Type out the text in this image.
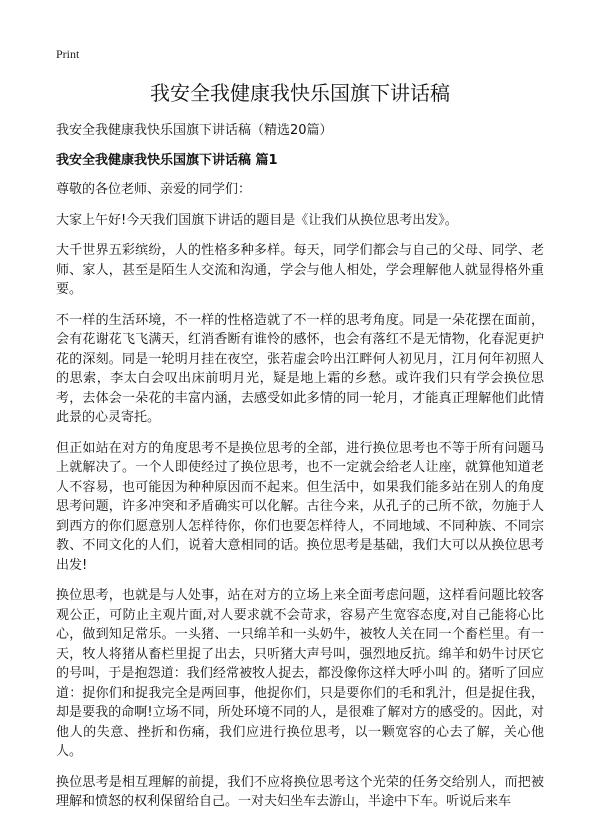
Print
我安全我健康我快乐国旗下讲话稿

我安全我健康我快乐国旗下讲话稿（精选20篇）

我安全我健康我快乐国旗下讲话稿 篇1

尊敬的各位老师、亲爱的同学们：

大家上午好!今天我们国旗下讲话的题目是《让我们从换位思考出发》。

大千世界五彩缤纷，人的性格多种多样。每天，同学们都会与自己的父母、同学、老师、家人，甚至是陌生人交流和沟通，学会与他人相处，学会理解他人就显得格外重要。

不一样的生活环境，不一样的性格造就了不一样的思考角度。同是一朵花摆在面前，会有花谢花飞飞满天，红消香断有谁怜的感怀，也会有落红不是无情物，化春泥更护花的深刻。同是一轮明月挂在夜空，张若虚会吟出江畔何人初见月，江月何年初照人的思索，李太白会叹出床前明月光，疑是地上霜的乡愁。或许我们只有学会换位思考，去体会一朵花的丰富内涵，去感受如此多情的同一轮月，才能真正理解他们此情此景的心灵寄托。

但正如站在对方的角度思考不是换位思考的全部，进行换位思考也不等于所有问题马上就解决了。一个人即使经过了换位思考，也不一定就会给老人让座，就算他知道老人不容易，也可能因为种种原因而不起来。但生活中，如果我们能多站在别人的角度思考问题，许多冲突和矛盾确实可以化解。古往今来，从孔子的己所不欲，勿施于人到西方的你们愿意别人怎样待你，你们也要怎样待人，不同地域、不同种族、不同宗教、不同文化的人们，说着大意相同的话。换位思考是基础，我们大可以从换位思考出发!

换位思考，也就是与人处事，站在对方的立场上来全面考虑问题，这样看问题比较客观公正，可防止主观片面,对人要求就不会苛求，容易产生宽容态度,对自己能将心比心，做到知足常乐。一头猪、一只绵羊和一头奶牛，被牧人关在同一个畜栏里。有一天，牧人将猪从畜栏里捉了出去，只听猪大声号叫，强烈地反抗。绵羊和奶牛讨厌它的号叫，于是抱怨道：我们经常被牧人捉去，都没像你这样大呼小叫 的。猪听了回应道：捉你们和捉我完全是两回事，他捉你们，只是要你们的毛和乳汁，但是捉住我，却是要我的命啊!立场不同，所处环境不同的人，是很难了解对方的感受的。因此，对他人的失意、挫折和伤痛，我们应进行换位思考，以一颗宽容的心去了解，关心他人。

换位思考是相互理解的前提，我们不应将换位思考这个光荣的任务交给别人，而把被理解和愤怒的权利保留给自己。一对夫妇坐车去游山，半途中下车。听说后来车
